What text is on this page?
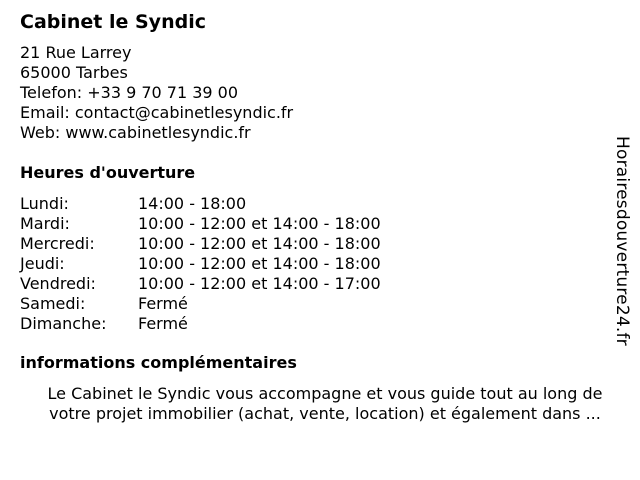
Cabinet le Syndic
21 Rue Larrey
65000 Tarbes
Telefon: +33 9 70 71 39 00
Email: contact@cabinetlesyndic.fr
Web: www.cabinetlesyndic.fr
Heures d'ouverture
Lundi:	14:00 - 18:00
Mardi:	10:00 - 12:00 et 14:00 - 18:00
Mercredi:	10:00 - 12:00 et 14:00 - 18:00
Jeudi:	10:00 - 12:00 et 14:00 - 18:00
Vendredi:	10:00 - 12:00 et 14:00 - 17:00
Samedi:	Fermé
Dimanche:	Fermé
informations complémentaires
Le Cabinet le Syndic vous accompagne et vous guide tout au long de
votre projet immobilier (achat, vente, location) et également dans ...
Horairesdouverture24.fr
